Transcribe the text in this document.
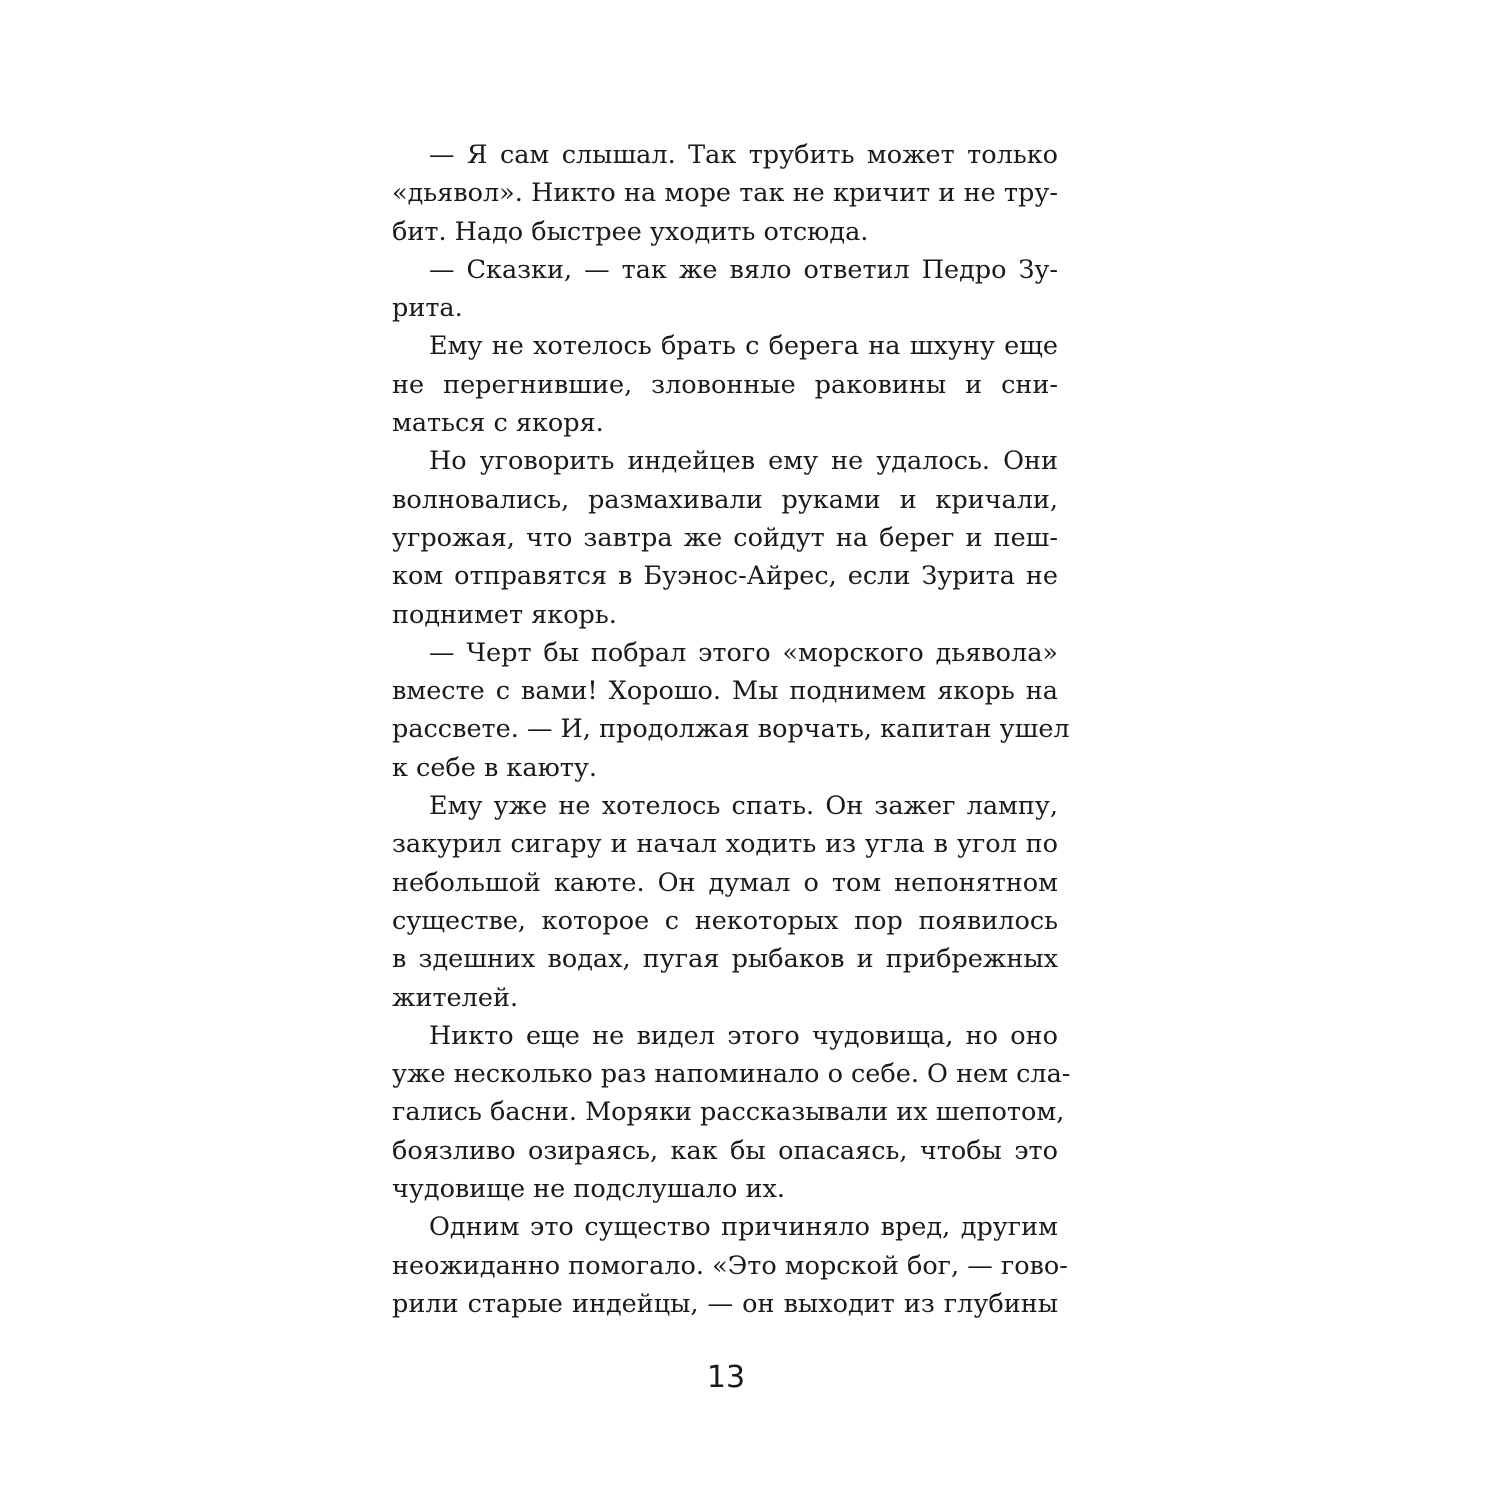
— Я сам слышал. Так трубить может только
«дьявол». Никто на море так не кричит и не тру-
бит. Надо быстрее уходить отсюда.
— Сказки, — так же вяло ответил Педро Зу-
рита.
Ему не хотелось брать с берега на шхуну еще
не перегнившие, зловонные раковины и сни-
маться с якоря.
Но уговорить индейцев ему не удалось. Они
волновались, размахивали руками и кричали,
угрожая, что завтра же сойдут на берег и пеш-
ком отправятся в Буэнос-Айрес, если Зурита не
поднимет якорь.
— Черт бы побрал этого «морского дьявола»
вместе с вами! Хорошо. Мы поднимем якорь на
рассвете. — И, продолжая ворчать, капитан ушел
к себе в каюту.
Ему уже не хотелось спать. Он зажег лампу,
закурил сигару и начал ходить из угла в угол по
небольшой каюте. Он думал о том непонятном
существе, которое с некоторых пор появилось
в здешних водах, пугая рыбаков и прибрежных
жителей.
Никто еще не видел этого чудовища, но оно
уже несколько раз напоминало о себе. О нем сла-
гались басни. Моряки рассказывали их шепотом,
боязливо озираясь, как бы опасаясь, чтобы это
чудовище не подслушало их.
Одним это существо причиняло вред, другим
неожиданно помогало. «Это морской бог, — гово-
рили старые индейцы, — он выходит из глубины
13
